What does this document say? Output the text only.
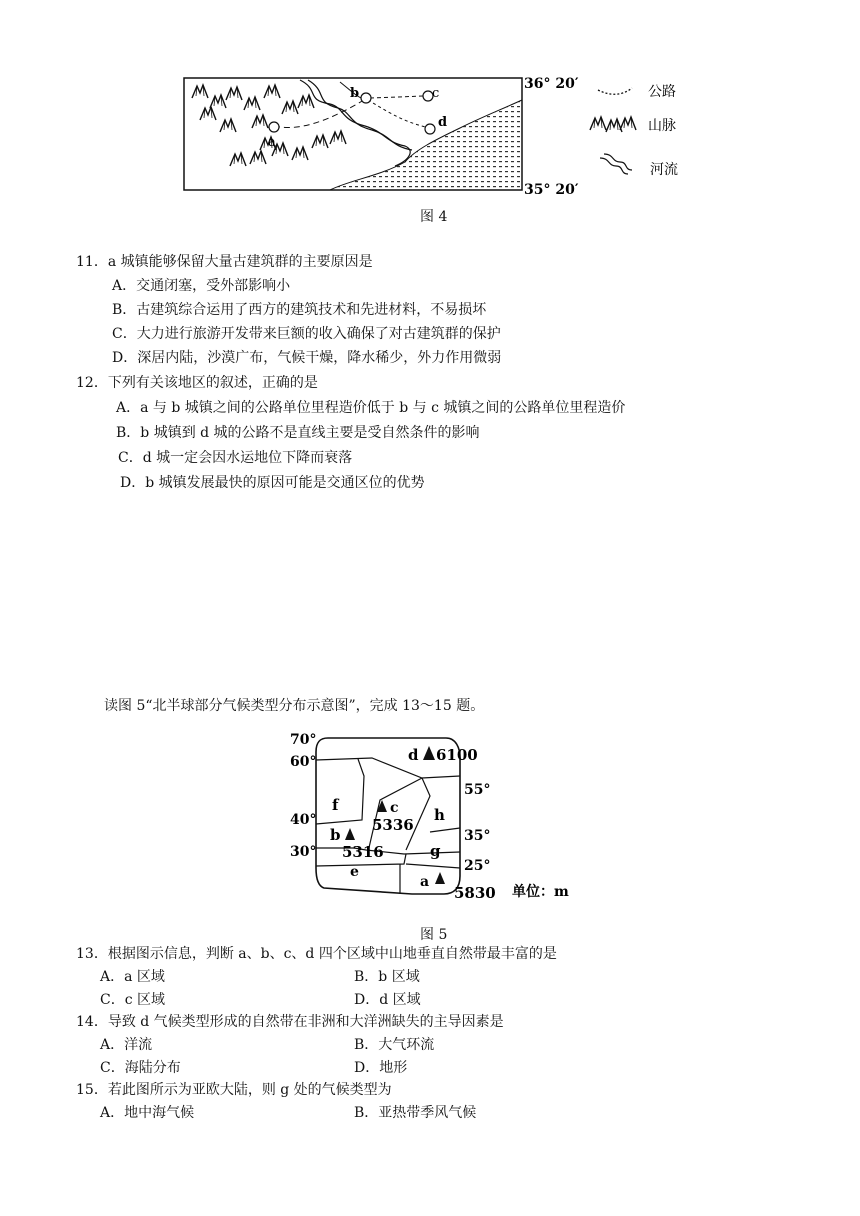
a
b	c
d
36° 20′
35° 20′
公路
山脉
河流
图 4
11．a 城镇能够保留大量古建筑群的主要原因是
A．交通闭塞，受外部影响小
B．古建筑综合运用了西方的建筑技术和先进材料，不易损坏
C．大力进行旅游开发带来巨额的收入确保了对古建筑群的保护
D．深居内陆，沙漠广布，气候干燥，降水稀少，外力作用微弱
12．下列有关该地区的叙述，正确的是
A．a 与 b 城镇之间的公路单位里程造价低于 b 与 c 城镇之间的公路单位里程造价
B．b 城镇到 d 城的公路不是直线主要是受自然条件的影响
C．d 城一定会因水运地位下降而衰落
D．b 城镇发展最快的原因可能是交通区位的优势
读图 5“北半球部分气候类型分布示意图”，完成 13～15 题。
70°
60°
55°
40°
35°
30°
25°
d 6100
f	c
5336
h
b
5316	g
e
a
5830 单位：m
图 5
13．根据图示信息，判断 a、b、c、d 四个区域中山地垂直自然带最丰富的是
A．a 区域	B．b 区域
C．c 区域	D．d 区域
14．导致 d 气候类型形成的自然带在非洲和大洋洲缺失的主导因素是
A．洋流	B．大气环流
C．海陆分布	D．地形
15．若此图所示为亚欧大陆，则 g 处的气候类型为
A．地中海气候	B．亚热带季风气候
